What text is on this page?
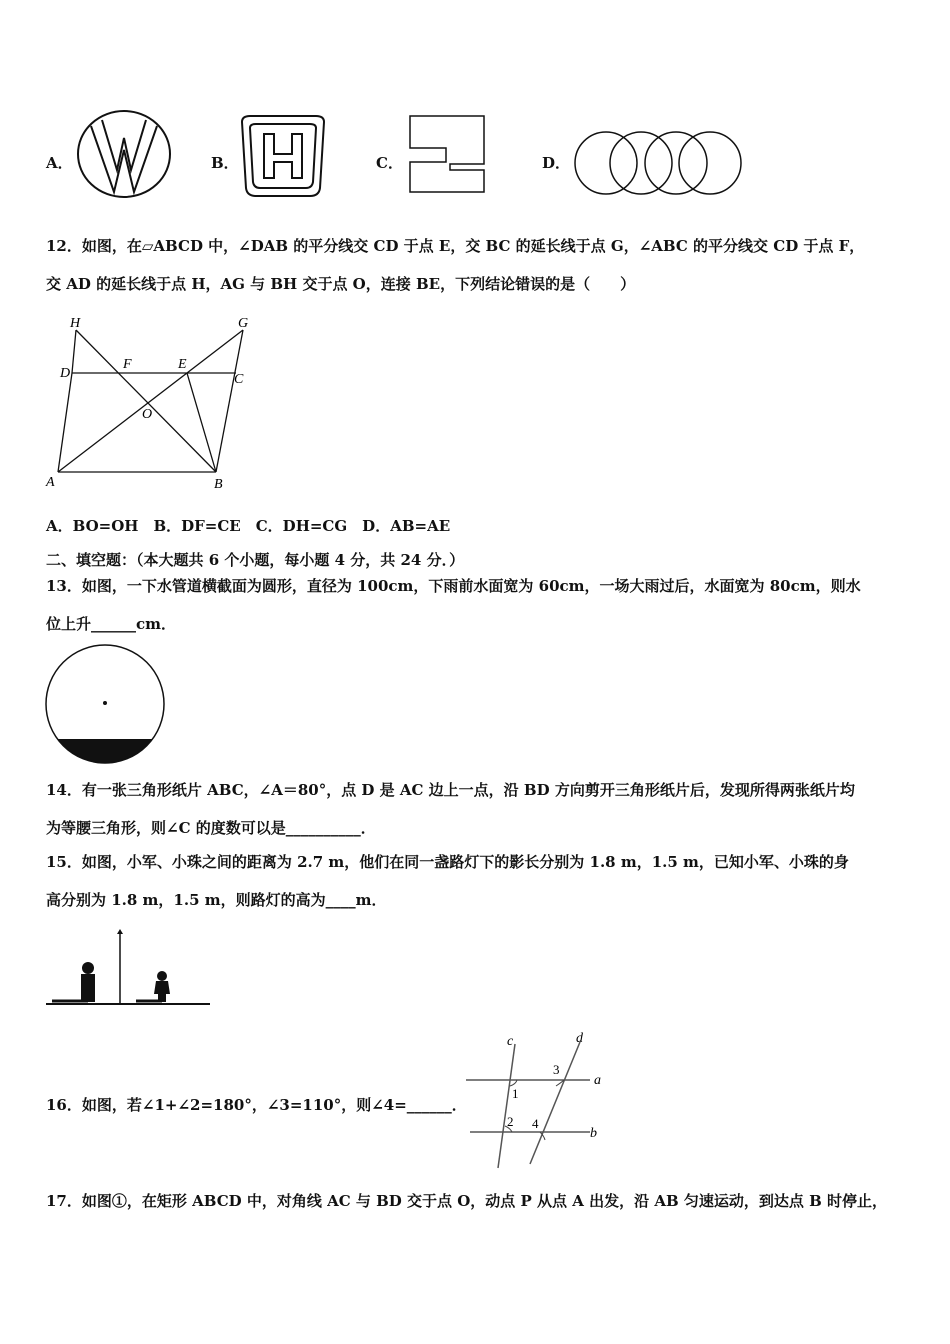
A．	B．	C．	D．
12．如图，在▱ABCD 中，∠DAB 的平分线交 CD 于点 E，交 BC 的延长线于点 G，∠ABC 的平分线交 CD 于点 F，
交 AD 的延长线于点 H，AG 与 BH 交于点 O，连接 BE，下列结论错误的是（　　）
H	G
D
F	E
C
O
A	B
A．BO=OH　B．DF=CE　C．DH=CG　D．AB=AE
二、填空题：（本大题共 6 个小题，每小题 4 分，共 24 分．）
13．如图，一下水管道横截面为圆形，直径为 100cm，下雨前水面宽为 60cm，一场大雨过后，水面宽为 80cm，则水
位上升______cm．
14．有一张三角形纸片 ABC，∠A＝80°，点 D 是 AC 边上一点，沿 BD 方向剪开三角形纸片后，发现所得两张纸片均
为等腰三角形，则∠C 的度数可以是__________．
15．如图，小军、小珠之间的距离为 2.7 m，他们在同一盏路灯下的影长分别为 1.8 m，1.5 m，已知小军、小珠的身
高分别为 1.8 m，1.5 m，则路灯的高为____m．
16．如图，若∠1+∠2=180°，∠3=110°，则∠4=______．
c	d
a
b
1
2
3
4
17．如图①，在矩形 ABCD 中，对角线 AC 与 BD 交于点 O，动点 P 从点 A 出发，沿 AB 匀速运动，到达点 B 时停止，
